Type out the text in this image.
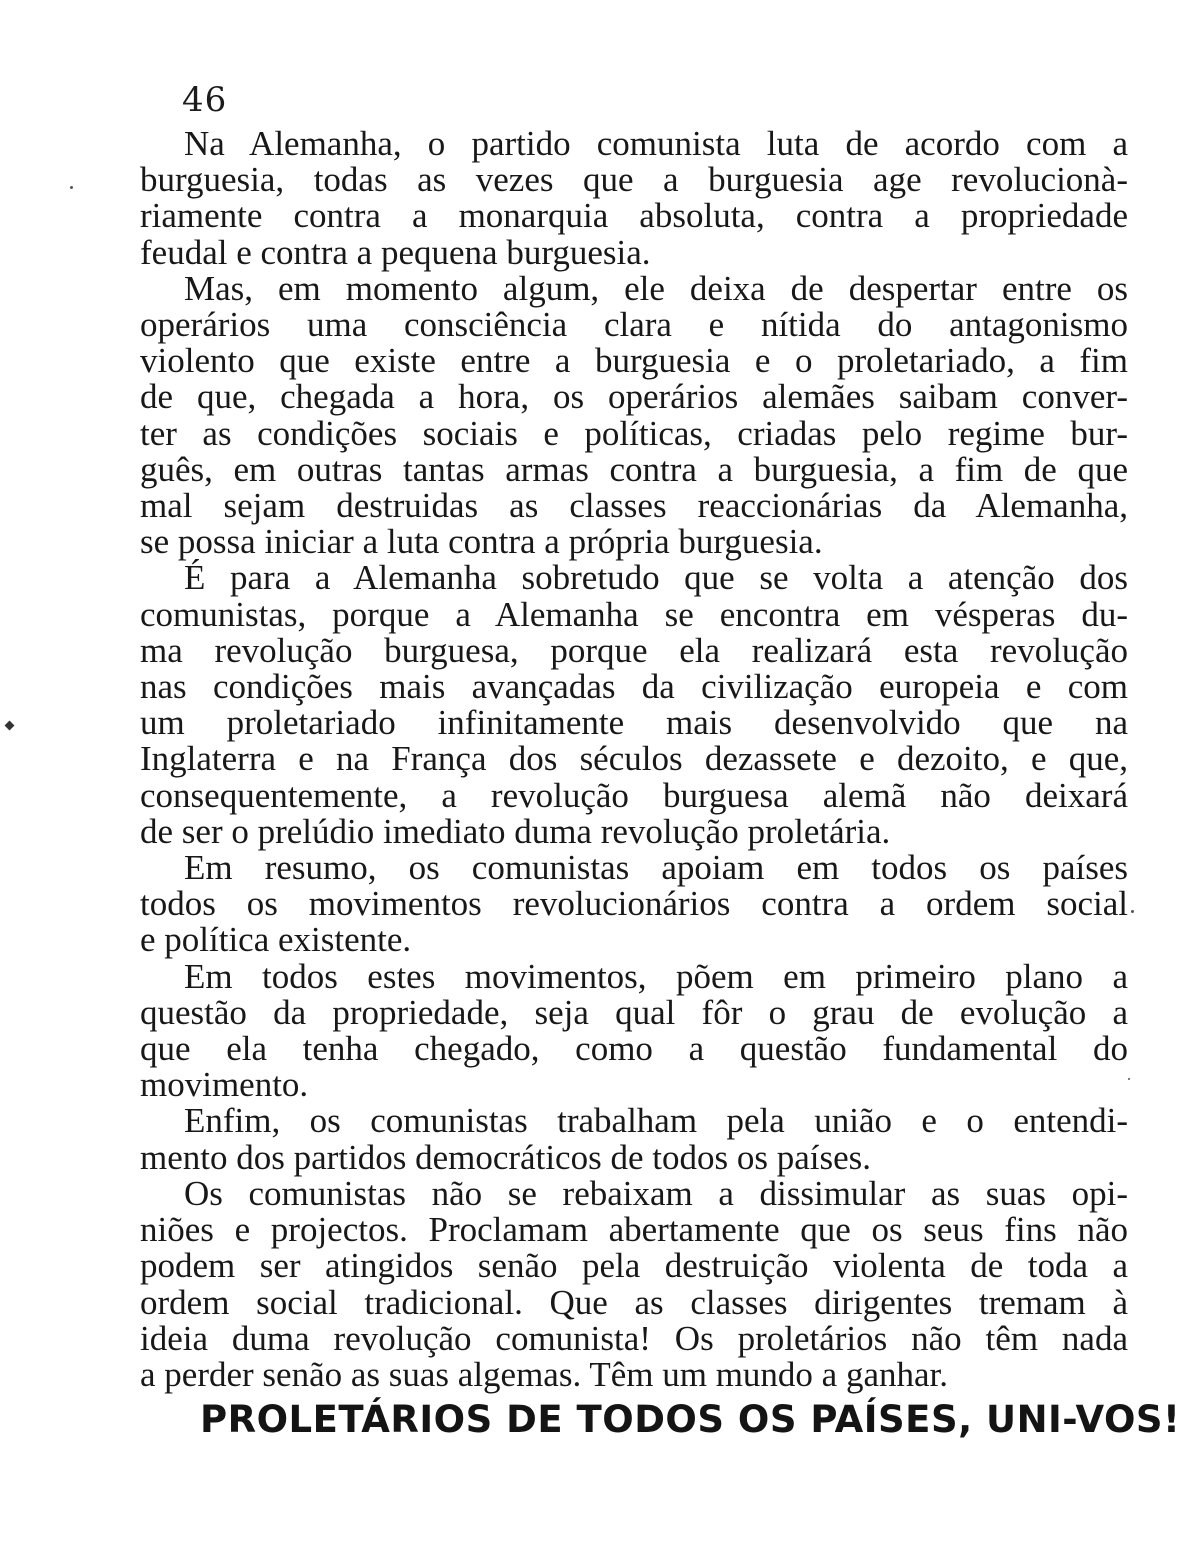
46
Na Alemanha, o partido comunista luta de acordo com a
burguesia, todas as vezes que a burguesia age revolucionà-
riamente contra a monarquia absoluta, contra a propriedade
feudal e contra a pequena burguesia.
Mas, em momento algum, ele deixa de despertar entre os
operários uma consciência clara e nítida do antagonismo
violento que existe entre a burguesia e o proletariado, a fim
de que, chegada a hora, os operários alemães saibam conver-
ter as condições sociais e políticas, criadas pelo regime bur-
guês, em outras tantas armas contra a burguesia, a fim de que
mal sejam destruidas as classes reaccionárias da Alemanha,
se possa iniciar a luta contra a própria burguesia.
É para a Alemanha sobretudo que se volta a atenção dos
comunistas, porque a Alemanha se encontra em vésperas du-
ma revolução burguesa, porque ela realizará esta revolução
nas condições mais avançadas da civilização europeia e com
um proletariado infinitamente mais desenvolvido que na
Inglaterra e na França dos séculos dezassete e dezoito, e que,
consequentemente, a revolução burguesa alemã não deixará
de ser o prelúdio imediato duma revolução proletária.
Em resumo, os comunistas apoiam em todos os países
todos os movimentos revolucionários contra a ordem social
e política existente.
Em todos estes movimentos, põem em primeiro plano a
questão da propriedade, seja qual fôr o grau de evolução a
que ela tenha chegado, como a questão fundamental do
movimento.
Enfim, os comunistas trabalham pela união e o entendi-
mento dos partidos democráticos de todos os países.
Os comunistas não se rebaixam a dissimular as suas opi-
niões e projectos. Proclamam abertamente que os seus fins não
podem ser atingidos senão pela destruição violenta de toda a
ordem social tradicional. Que as classes dirigentes tremam à
ideia duma revolução comunista! Os proletários não têm nada
a perder senão as suas algemas. Têm um mundo a ganhar.
PROLETÁRIOS DE TODOS OS PAÍSES, UNI-VOS!
